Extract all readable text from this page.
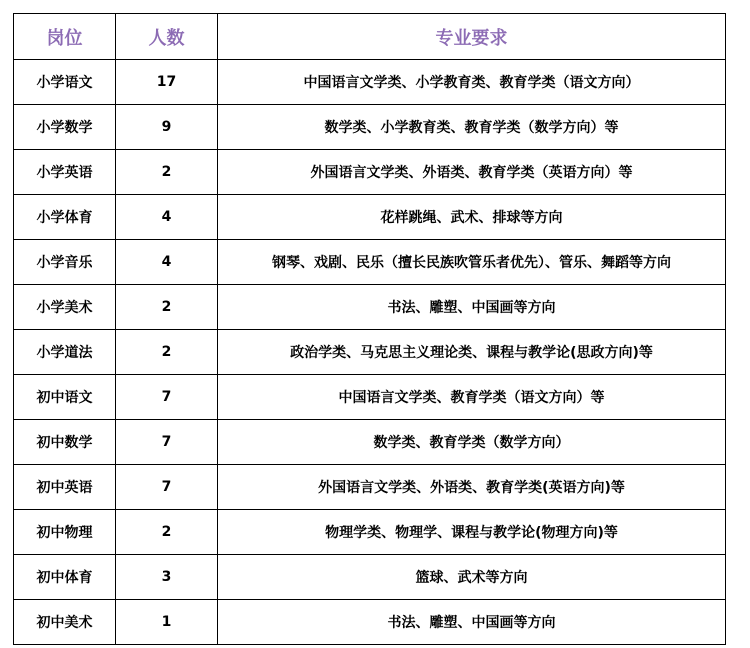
岗位	人数	专业要求
小学语文	17	中国语言文学类、小学教育类、教育学类（语文方向）
小学数学	9	数学类、小学教育类、教育学类（数学方向）等
小学英语	2	外国语言文学类、外语类、教育学类（英语方向）等
小学体育	4	花样跳绳、武术、排球等方向
小学音乐	4	钢琴、戏剧、民乐（擅长民族吹管乐者优先）、管乐、舞蹈等方向
小学美术	2	书法、雕塑、中国画等方向
小学道法	2	政治学类、马克思主义理论类、课程与教学论(思政方向)等
初中语文	7	中国语言文学类、教育学类（语文方向）等
初中数学	7	数学类、教育学类（数学方向）
初中英语	7	外国语言文学类、外语类、教育学类(英语方向)等
初中物理	2	物理学类、物理学、课程与教学论(物理方向)等
初中体育	3	篮球、武术等方向
初中美术	1	书法、雕塑、中国画等方向
